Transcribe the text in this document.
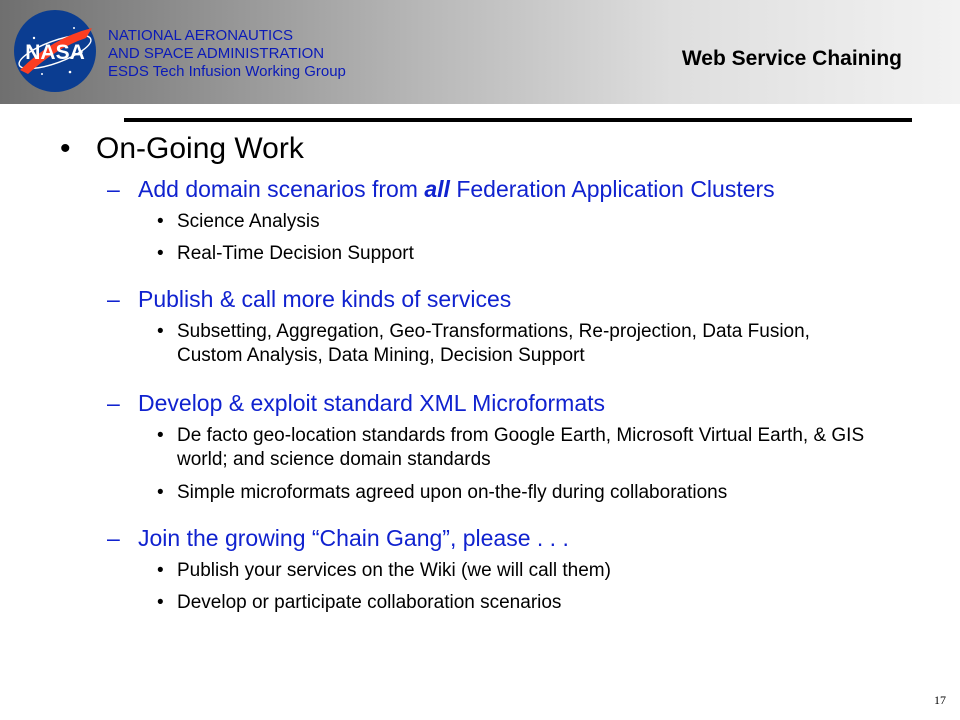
NASA
NATIONAL AERONAUTICS
AND SPACE ADMINISTRATION
ESDS Tech Infusion Working Group
Web Service Chaining
• On-Going Work
– Add domain scenarios from all Federation Application Clusters
• Science Analysis
• Real-Time Decision Support
– Publish & call more kinds of services
• Subsetting, Aggregation, Geo-Transformations, Re-projection, Data Fusion, Custom Analysis, Data Mining, Decision Support
– Develop & exploit standard XML Microformats
• De facto geo-location standards from Google Earth, Microsoft Virtual Earth, & GIS world; and science domain standards
• Simple microformats agreed upon on-the-fly during collaborations
– Join the growing “Chain Gang”, please . . .
• Publish your services on the Wiki (we will call them)
• Develop or participate collaboration scenarios
17
